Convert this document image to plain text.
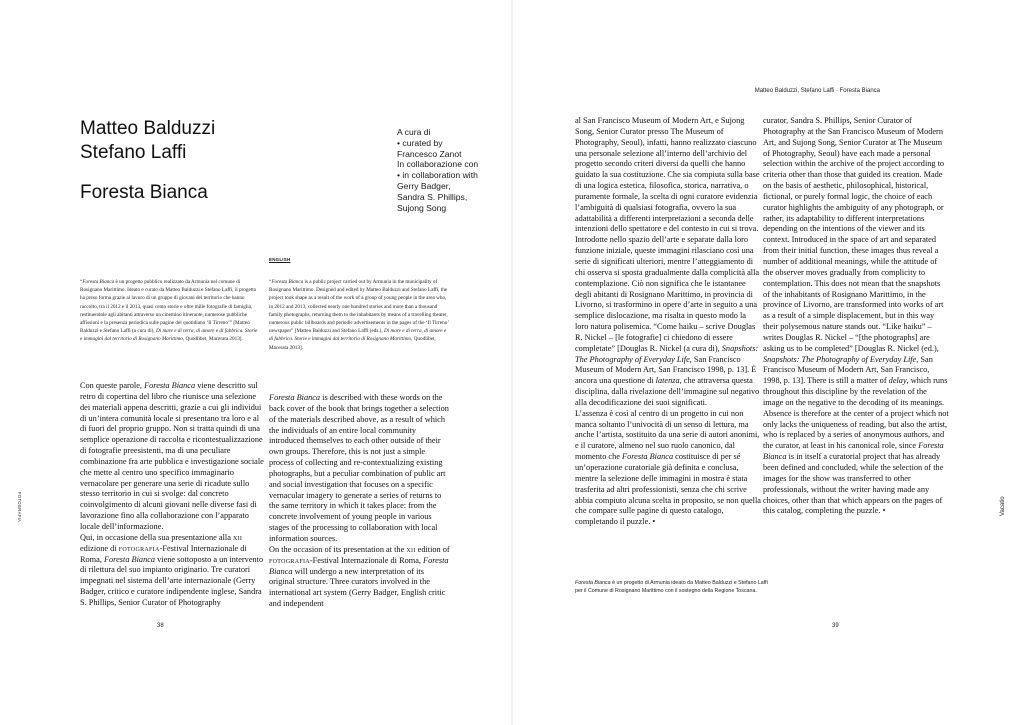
Matteo Balduzzi, Stefano Laffi · Foresta Bianca
Matteo Balduzzi
Stefano Laffi
Foresta Bianca
A cura di
• curated by
Francesco Zanot
In collaborazione con
• in collaboration with
Gerry Badger,
Sandra S. Phillips,
Sujong Song
ENGLISH

“Foresta Bianca è un progetto pubblico realizzato da Armunia nel comune di Rosignano Marittimo. Ideato e curato da Matteo Balduzzi e Stefano Laffi, il progetto ha preso forma grazie al lavoro di un gruppo di giovani del territorio che hanno raccolto, tra il 2012 e il 2013, quasi cento storie e oltre mille fotografie di famiglia, restituendole agli abitanti attraverso un cinemino itinerante, numerose pubbliche affissioni e la presenza periodica sulle pagine del quotidiano ‘Il Tirreno’” [Matteo Balduzzi e Stefano Laffi (a cura di), Di mare e di terra, di amore e di fabbrica. Storie e immagini dal territorio di Rosignano Marittimo, Quodlibet, Macerata 2013].

“Foresta Bianca is a public project carried out by Armunia in the municipality of Rosignano Marittimo. Designed and edited by Matteo Balduzzi and Stefano Laffi, the project took shape as a result of the work of a group of young people in the area who, in 2012 and 2013, collected nearly one hundred stories and more than a thousand family photographs, returning them to the inhabitants by means of a travelling theater, numerous public billboards and periodic advertisements in the pages of the ‘Il Tirreno’ newspaper” [Matteo Balduzzi and Stefano Laffi (eds.), Di mare e di terra, di amore e di fabbrica. Storie e immagini dal territorio di Rosignano Marittimo, Quodlibet, Macerata 2013].

Con queste parole, Foresta Bianca viene descritto sul retro di copertina del libro che riunisce una selezione dei materiali appena descritti, grazie a cui gli individui di un’intera comunità locale si presentano tra loro e al di fuori del proprio gruppo. Non si tratta quindi di una semplice operazione di raccolta e ricontestualizzazione di fotografie preesistenti, ma di una peculiare combinazione fra arte pubblica e investigazione sociale che mette al centro uno specifico immaginario vernacolare per generare una serie di ricadute sullo stesso territorio in cui si svolge: dal concreto coinvolgimento di alcuni giovani nelle diverse fasi di lavorazione fino alla collaborazione con l’apparato locale dell’informazione.

Qui, in occasione della sua presentazione alla xii edizione di fotografia-Festival Internazionale di Roma, Foresta Bianca viene sottoposto a un intervento di rilettura del suo impianto originario. Tre curatori impegnati nel sistema dell’arte internazionale (Gerry Badger, critico e curatore indipendente inglese, Sandra S. Phillips, Senior Curator of Photography

Foresta Bianca is described with these words on the back cover of the book that brings together a selection of the materials described above, as a result of which the individuals of an entire local community introduced themselves to each other outside of their own groups. Therefore, this is not just a simple process of collecting and re-contextualizing existing photographs, but a peculiar combination of public art and social investigation that focuses on a specific vernacular imagery to generate a series of returns to the same territory in which it takes place: from the concrete involvement of young people in various stages of the processing to collaboration with local information sources.

On the occasion of its presentation at the xii edition of fotografia-Festival Internazionale di Roma, Foresta Bianca will undergo a new interpretation of its original structure. Three curators involved in the international art system (Gerry Badger, English critic and independent

al San Francisco Museum of Modern Art, e Sujong Song, Senior Curator presso The Museum of Photography, Seoul), infatti, hanno realizzato ciascuno una personale selezione all’interno dell’archivio del progetto secondo criteri diversi da quelli che hanno guidato la sua costituzione. Che sia compiuta sulla base di una logica estetica, filosofica, storica, narrativa, o puramente formale, la scelta di ogni curatore evidenzia l’ambiguità di qualsiasi fotografia, ovvero la sua adattabilità a differenti interpretazioni a seconda delle intenzioni dello spettatore e del contesto in cui si trova. Introdotte nello spazio dell’arte e separate dalla loro funzione iniziale, queste immagini rilasciano così una serie di significati ulteriori, mentre l’atteggiamento di chi osserva si sposta gradualmente dalla complicità alla contemplazione. Ciò non significa che le istantanee degli abitanti di Rosignano Marittimo, in provincia di Livorno, si trasformino in opere d’arte in seguito a una semplice dislocazione, ma risalta in questo modo la loro natura polisemica. “Come haiku – scrive Douglas R. Nickel – [le fotografie] ci chiedono di essere completate” [Douglas R. Nickel (a cura di), Snapshots: The Photography of Everyday Life, San Francisco Museum of Modern Art, San Francisco 1998, p. 13]. È ancora una questione di latenza, che attraversa questa disciplina, dalla rivelazione dell’immagine sul negativo alla decodificazione dei suoi significati.

L’assenza è così al centro di un progetto in cui non manca soltanto l’univocità di un senso di lettura, ma anche l’artista, sostituito da una serie di autori anonimi, e il curatore, almeno nel suo ruolo canonico, dal momento che Foresta Bianca costituisce di per sé un’operazione curatoriale già definita e conclusa, mentre la selezione delle immagini in mostra è stata trasferita ad altri professionisti, senza che chi scrive abbia compiuto alcuna scelta in proposito, se non quella che compare sulle pagine di questo catalogo, completando il puzzle. •

curator, Sandra S. Phillips, Senior Curator of Photography at the San Francisco Museum of Modern Art, and Sujong Song, Senior Curator at The Museum of Photography, Seoul) have each made a personal selection within the archive of the project according to criteria other than those that guided its creation. Made on the basis of aesthetic, philosophical, historical, fictional, or purely formal logic, the choice of each curator highlights the ambiguity of any photograph, or rather, its adaptability to different interpretations depending on the intentions of the viewer and its context. Introduced in the space of art and separated from their initial function, these images thus reveal a number of additional meanings, while the attitude of the observer moves gradually from complicity to contemplation. This does not mean that the snapshots of the inhabitants of Rosignano Marittimo, in the province of Livorno, are transformed into works of art as a result of a simple displacement, but in this way their polysemous nature stands out. “Like haiku” – writes Douglas R. Nickel – “[the photographs] are asking us to be completed” [Douglas R. Nickel (ed.), Snapshots: The Photography of Everyday Life, San Francisco Museum of Modern Art, San Francisco, 1998, p. 13]. There is still a matter of delay, which runs throughout this discipline by the revelation of the image on the negative to the decoding of its meanings.

Absence is therefore at the center of a project which not only lacks the uniqueness of reading, but also the artist, who is replaced by a series of anonymous authors, and the curator, at least in his canonical role, since Foresta Bianca is in itself a curatorial project that has already been defined and concluded, while the selection of the images for the show was transferred to other professionals, without the writer having made any choices, other than that which appears on the pages of this catalog, completing the puzzle. •

Foresta Bianca è un progetto di Armunia ideato da Matteo Balduzzi e Stefano Laffi per il Comune di Rosignano Marittimo con il sostegno della Regione Toscana.
38	39
FOTOGRAFIA	Vacatio
